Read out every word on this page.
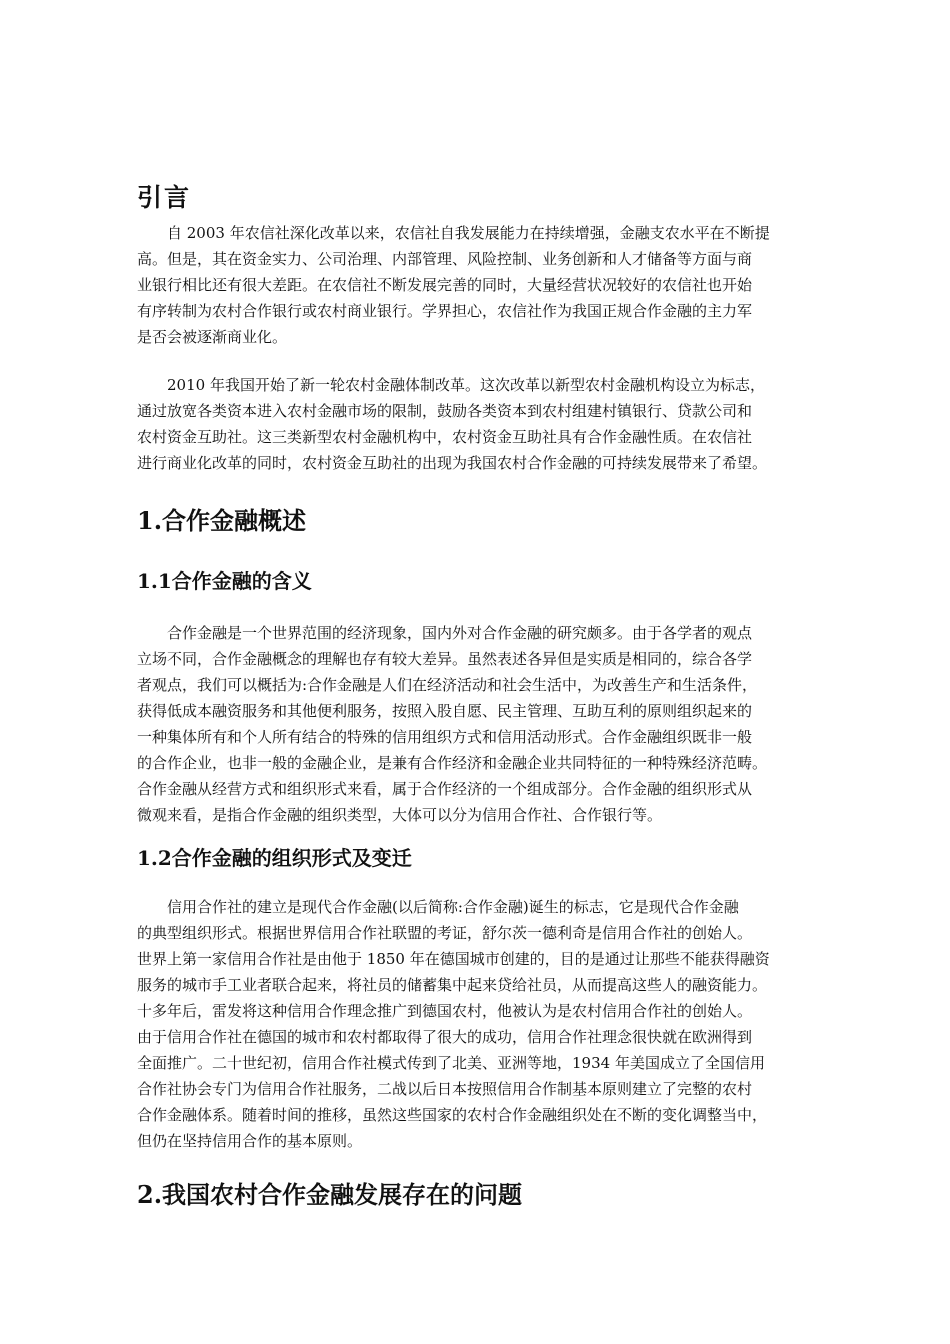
引言
　　自 2003 年农信社深化改革以来，农信社自我发展能力在持续增强，金融支农水平在不断提
高。但是，其在资金实力、公司治理、内部管理、风险控制、业务创新和人才储备等方面与商
业银行相比还有很大差距。在农信社不断发展完善的同时，大量经营状况较好的农信社也开始
有序转制为农村合作银行或农村商业银行。学界担心，农信社作为我国正规合作金融的主力军
是否会被逐渐商业化。
　　2010 年我国开始了新一轮农村金融体制改革。这次改革以新型农村金融机构设立为标志，
通过放宽各类资本进入农村金融市场的限制，鼓励各类资本到农村组建村镇银行、贷款公司和
农村资金互助社。这三类新型农村金融机构中，农村资金互助社具有合作金融性质。在农信社
进行商业化改革的同时，农村资金互助社的出现为我国农村合作金融的可持续发展带来了希望。
1.合作金融概述
1.1合作金融的含义
　　合作金融是一个世界范围的经济现象，国内外对合作金融的研究颇多。由于各学者的观点
立场不同，合作金融概念的理解也存有较大差异。虽然表述各异但是实质是相同的，综合各学
者观点，我们可以概括为:合作金融是人们在经济活动和社会生活中，为改善生产和生活条件，
获得低成本融资服务和其他便利服务，按照入股自愿、民主管理、互助互利的原则组织起来的
一种集体所有和个人所有结合的特殊的信用组织方式和信用活动形式。合作金融组织既非一般
的合作企业，也非一般的金融企业，是兼有合作经济和金融企业共同特征的一种特殊经济范畴。
合作金融从经营方式和组织形式来看，属于合作经济的一个组成部分。合作金融的组织形式从
微观来看，是指合作金融的组织类型，大体可以分为信用合作社、合作银行等。
1.2合作金融的组织形式及变迁
　　信用合作社的建立是现代合作金融(以后简称:合作金融)诞生的标志，它是现代合作金融
的典型组织形式。根据世界信用合作社联盟的考证，舒尔茨一德利奇是信用合作社的创始人。
世界上第一家信用合作社是由他于 1850 年在德国城市创建的，目的是通过让那些不能获得融资
服务的城市手工业者联合起来，将社员的储蓄集中起来贷给社员，从而提高这些人的融资能力。
十多年后，雷发将这种信用合作理念推广到德国农村，他被认为是农村信用合作社的创始人。
由于信用合作社在德国的城市和农村都取得了很大的成功，信用合作社理念很快就在欧洲得到
全面推广。二十世纪初，信用合作社模式传到了北美、亚洲等地，1934 年美国成立了全国信用
合作社协会专门为信用合作社服务，二战以后日本按照信用合作制基本原则建立了完整的农村
合作金融体系。随着时间的推移，虽然这些国家的农村合作金融组织处在不断的变化调整当中，
但仍在坚持信用合作的基本原则。
2.我国农村合作金融发展存在的问题
